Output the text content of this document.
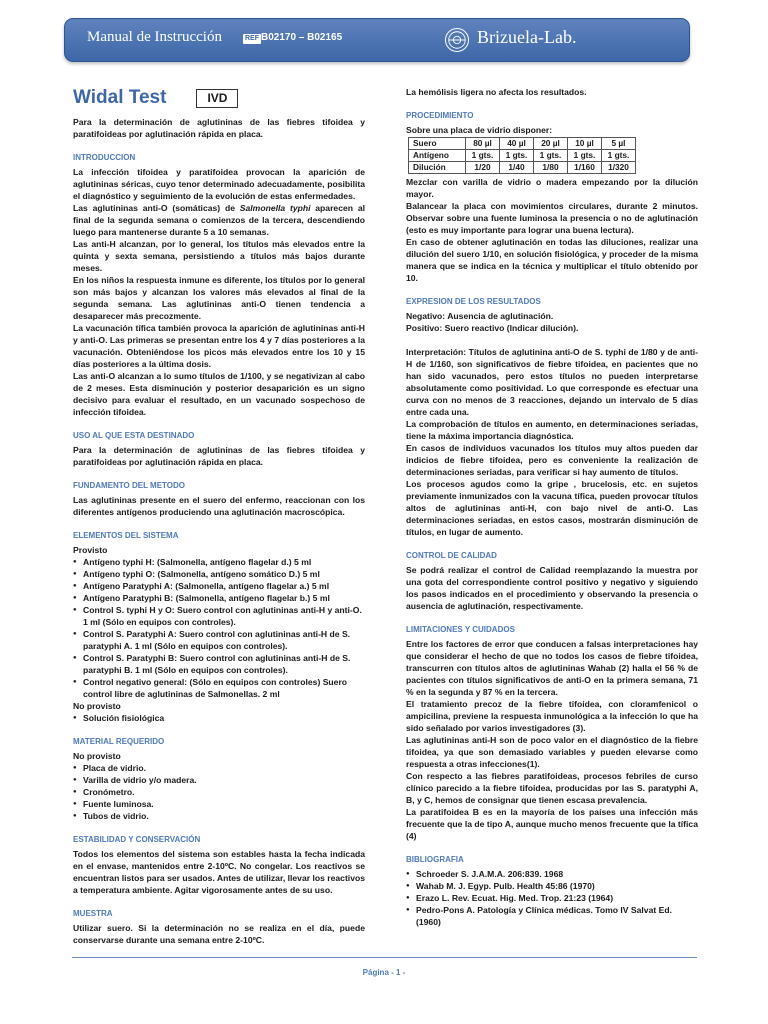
Manual de Instrucción	REF B02170 – B02165	Brizuela-Lab.
Widal Test	IVD

Para la determinación de aglutininas de las fiebres tifoidea y paratifoideas por aglutinación rápida en placa.

INTRODUCCION

La infección tifoidea y paratifoidea provocan la aparición de aglutininas séricas, cuyo tenor determinado adecuadamente, posibilita el diagnóstico y seguimiento de la evolución de estas enfermedades.

Las aglutininas anti-O (somáticas) de Salmonella typhi aparecen al final de la segunda semana o comienzos de la tercera, descendiendo luego para mantenerse durante 5 a 10 semanas.

Las anti-H alcanzan, por lo general, los títulos más elevados entre la quinta y sexta semana, persistiendo a títulos más bajos durante meses.

En los niños la respuesta inmune es diferente, los títulos por lo general son más bajos y alcanzan los valores más elevados al final de la segunda semana. Las aglutininas anti-O tienen tendencia a desaparecer más precozmente.

La vacunación tífica también provoca la aparición de aglutininas anti-H y anti-O. Las primeras se presentan entre los 4 y 7 días posteriores a la vacunación. Obteniéndose los picos más elevados entre los 10 y 15 días posteriores a la última dosis.

Las anti-O alcanzan a lo sumo títulos de 1/100, y se negativizan al cabo de 2 meses. Esta disminución y posterior desaparición es un signo decisivo para evaluar el resultado, en un vacunado sospechoso de infección tifoidea.

USO AL QUE ESTA DESTINADO

Para la determinación de aglutininas de las fiebres tifoidea y paratifoideas por aglutinación rápida en placa.

FUNDAMENTO DEL METODO

Las aglutininas presente en el suero del enfermo, reaccionan con los diferentes antígenos produciendo una aglutinación macroscópica.

ELEMENTOS DEL SISTEMA
Provisto
● Antígeno typhi H: (Salmonella, antígeno flagelar d.) 5 ml
● Antígeno typhi O: (Salmonella, antígeno somático D.) 5 ml
● Antígeno Paratyphi A: (Salmonella, antígeno flagelar a.) 5 ml
● Antígeno Paratyphi B: (Salmonella, antígeno flagelar b.) 5 ml
● Control S. typhi H y O: Suero control con aglutininas anti-H y anti-O. 1 ml (Sólo en equipos con controles).
● Control S. Paratyphi A: Suero control con aglutininas anti-H de S. paratyphi A. 1 ml (Sólo en equipos con controles).
● Control S. Paratyphi B: Suero control con aglutininas anti-H de S. paratyphi B. 1 ml (Sólo en equipos con controles).
● Control negativo general: (Sólo en equipos con controles) Suero control libre de aglutininas de Salmonellas. 2 ml
No provisto
● Solución fisiológica
MATERIAL REQUERIDO
No provisto
● Placa de vidrio.
● Varilla de vidrio y/o madera.
● Cronómetro.
● Fuente luminosa.
● Tubos de vidrio.
ESTABILIDAD Y CONSERVACIÓN

Todos los elementos del sistema son estables hasta la fecha indicada en el envase, mantenidos entre 2-10ºC. No congelar. Los reactivos se encuentran listos para ser usados. Antes de utilizar, llevar los reactivos a temperatura ambiente. Agitar vigorosamente antes de su uso.

MUESTRA

Utilizar suero. Si la determinación no se realiza en el día, puede conservarse durante una semana entre 2-10ºC.

La hemólisis ligera no afecta los resultados.

PROCEDIMIENTO

Sobre una placa de vidrio disponer:

Suero	80 µl	40 µl	20 µl	10 µl	5 µl
Antígeno	1 gts.	1 gts.	1 gts.	1 gts.	1 gts.
Dilución	1/20	1/40	1/80	1/160	1/320

Mezclar con varilla de vidrio o madera empezando por la dilución mayor.

Balancear la placa con movimientos circulares, durante 2 minutos. Observar sobre una fuente luminosa la presencia o no de aglutinación (esto es muy importante para lograr una buena lectura).

En caso de obtener aglutinación en todas las diluciones, realizar una dilución del suero 1/10, en solución fisiológica, y proceder de la misma manera que se indica en la técnica y multiplicar el título obtenido por 10.

EXPRESION DE LOS RESULTADOS

Negativo: Ausencia de aglutinación.

Positivo: Suero reactivo (Indicar dilución).

Interpretación: Títulos de aglutinina anti-O de S. typhi de 1/80 y de anti-H de 1/160, son significativos de fiebre tifoidea, en pacientes que no han sido vacunados, pero estos títulos no pueden interpretarse absolutamente como positividad. Lo que corresponde es efectuar una curva con no menos de 3 reacciones, dejando un intervalo de 5 días entre cada una.

La comprobación de títulos en aumento, en determinaciones seriadas, tiene la máxima importancia diagnóstica.

En casos de individuos vacunados los títulos muy altos pueden dar indicios de fiebre tifoidea, pero es conveniente la realización de determinaciones seriadas, para verificar si hay aumento de títulos.

Los procesos agudos como la gripe , brucelosis, etc. en sujetos previamente inmunizados con la vacuna tífica, pueden provocar títulos altos de aglutininas anti-H, con bajo nivel de anti-O. Las determinaciones seriadas, en estos casos, mostrarán disminución de títulos, en lugar de aumento.

CONTROL DE CALIDAD

Se podrá realizar el control de Calidad reemplazando la muestra por una gota del correspondiente control positivo y negativo y siguiendo los pasos indicados en el procedimiento y observando la presencia o ausencia de aglutinación, respectivamente.

LIMITACIONES Y CUIDADOS

Entre los factores de error que conducen a falsas interpretaciones hay que considerar el hecho de que no todos los casos de fiebre tifoidea, transcurren con títulos altos de aglutininas Wahab (2) halla el 56 % de pacientes con títulos significativos de anti-O en la primera semana, 71 % en la segunda y 87 % en la tercera.

El tratamiento precoz de la fiebre tifoidea, con cloramfenicol o ampicilina, previene la respuesta inmunológica a la infección lo que ha sido señalado por varios investigadores (3).

Las aglutininas anti-H son de poco valor en el diagnóstico de la fiebre tifoidea, ya que son demasiado variables y pueden elevarse como respuesta a otras infecciones(1).

Con respecto a las fiebres paratifoideas, procesos febriles de curso clínico parecido a la fiebre tifoidea, producidas por las S. paratyphi A, B, y C, hemos de consignar que tienen escasa prevalencia.

La paratifoidea B es en la mayoría de los países una infección más frecuente que la de tipo A, aunque mucho menos frecuente que la tífica (4)

BIBLIOGRAFIA
● Schroeder S. J.A.M.A. 206:839. 1968
● Wahab M. J. Egyp. Pulb. Health 45:86 (1970)
● Erazo L. Rev. Ecuat. Hig. Med. Trop. 21:23 (1964)
● Pedro-Pons A. Patología y Clínica médicas. Tomo IV Salvat Ed. (1960)
Página - 1 -
